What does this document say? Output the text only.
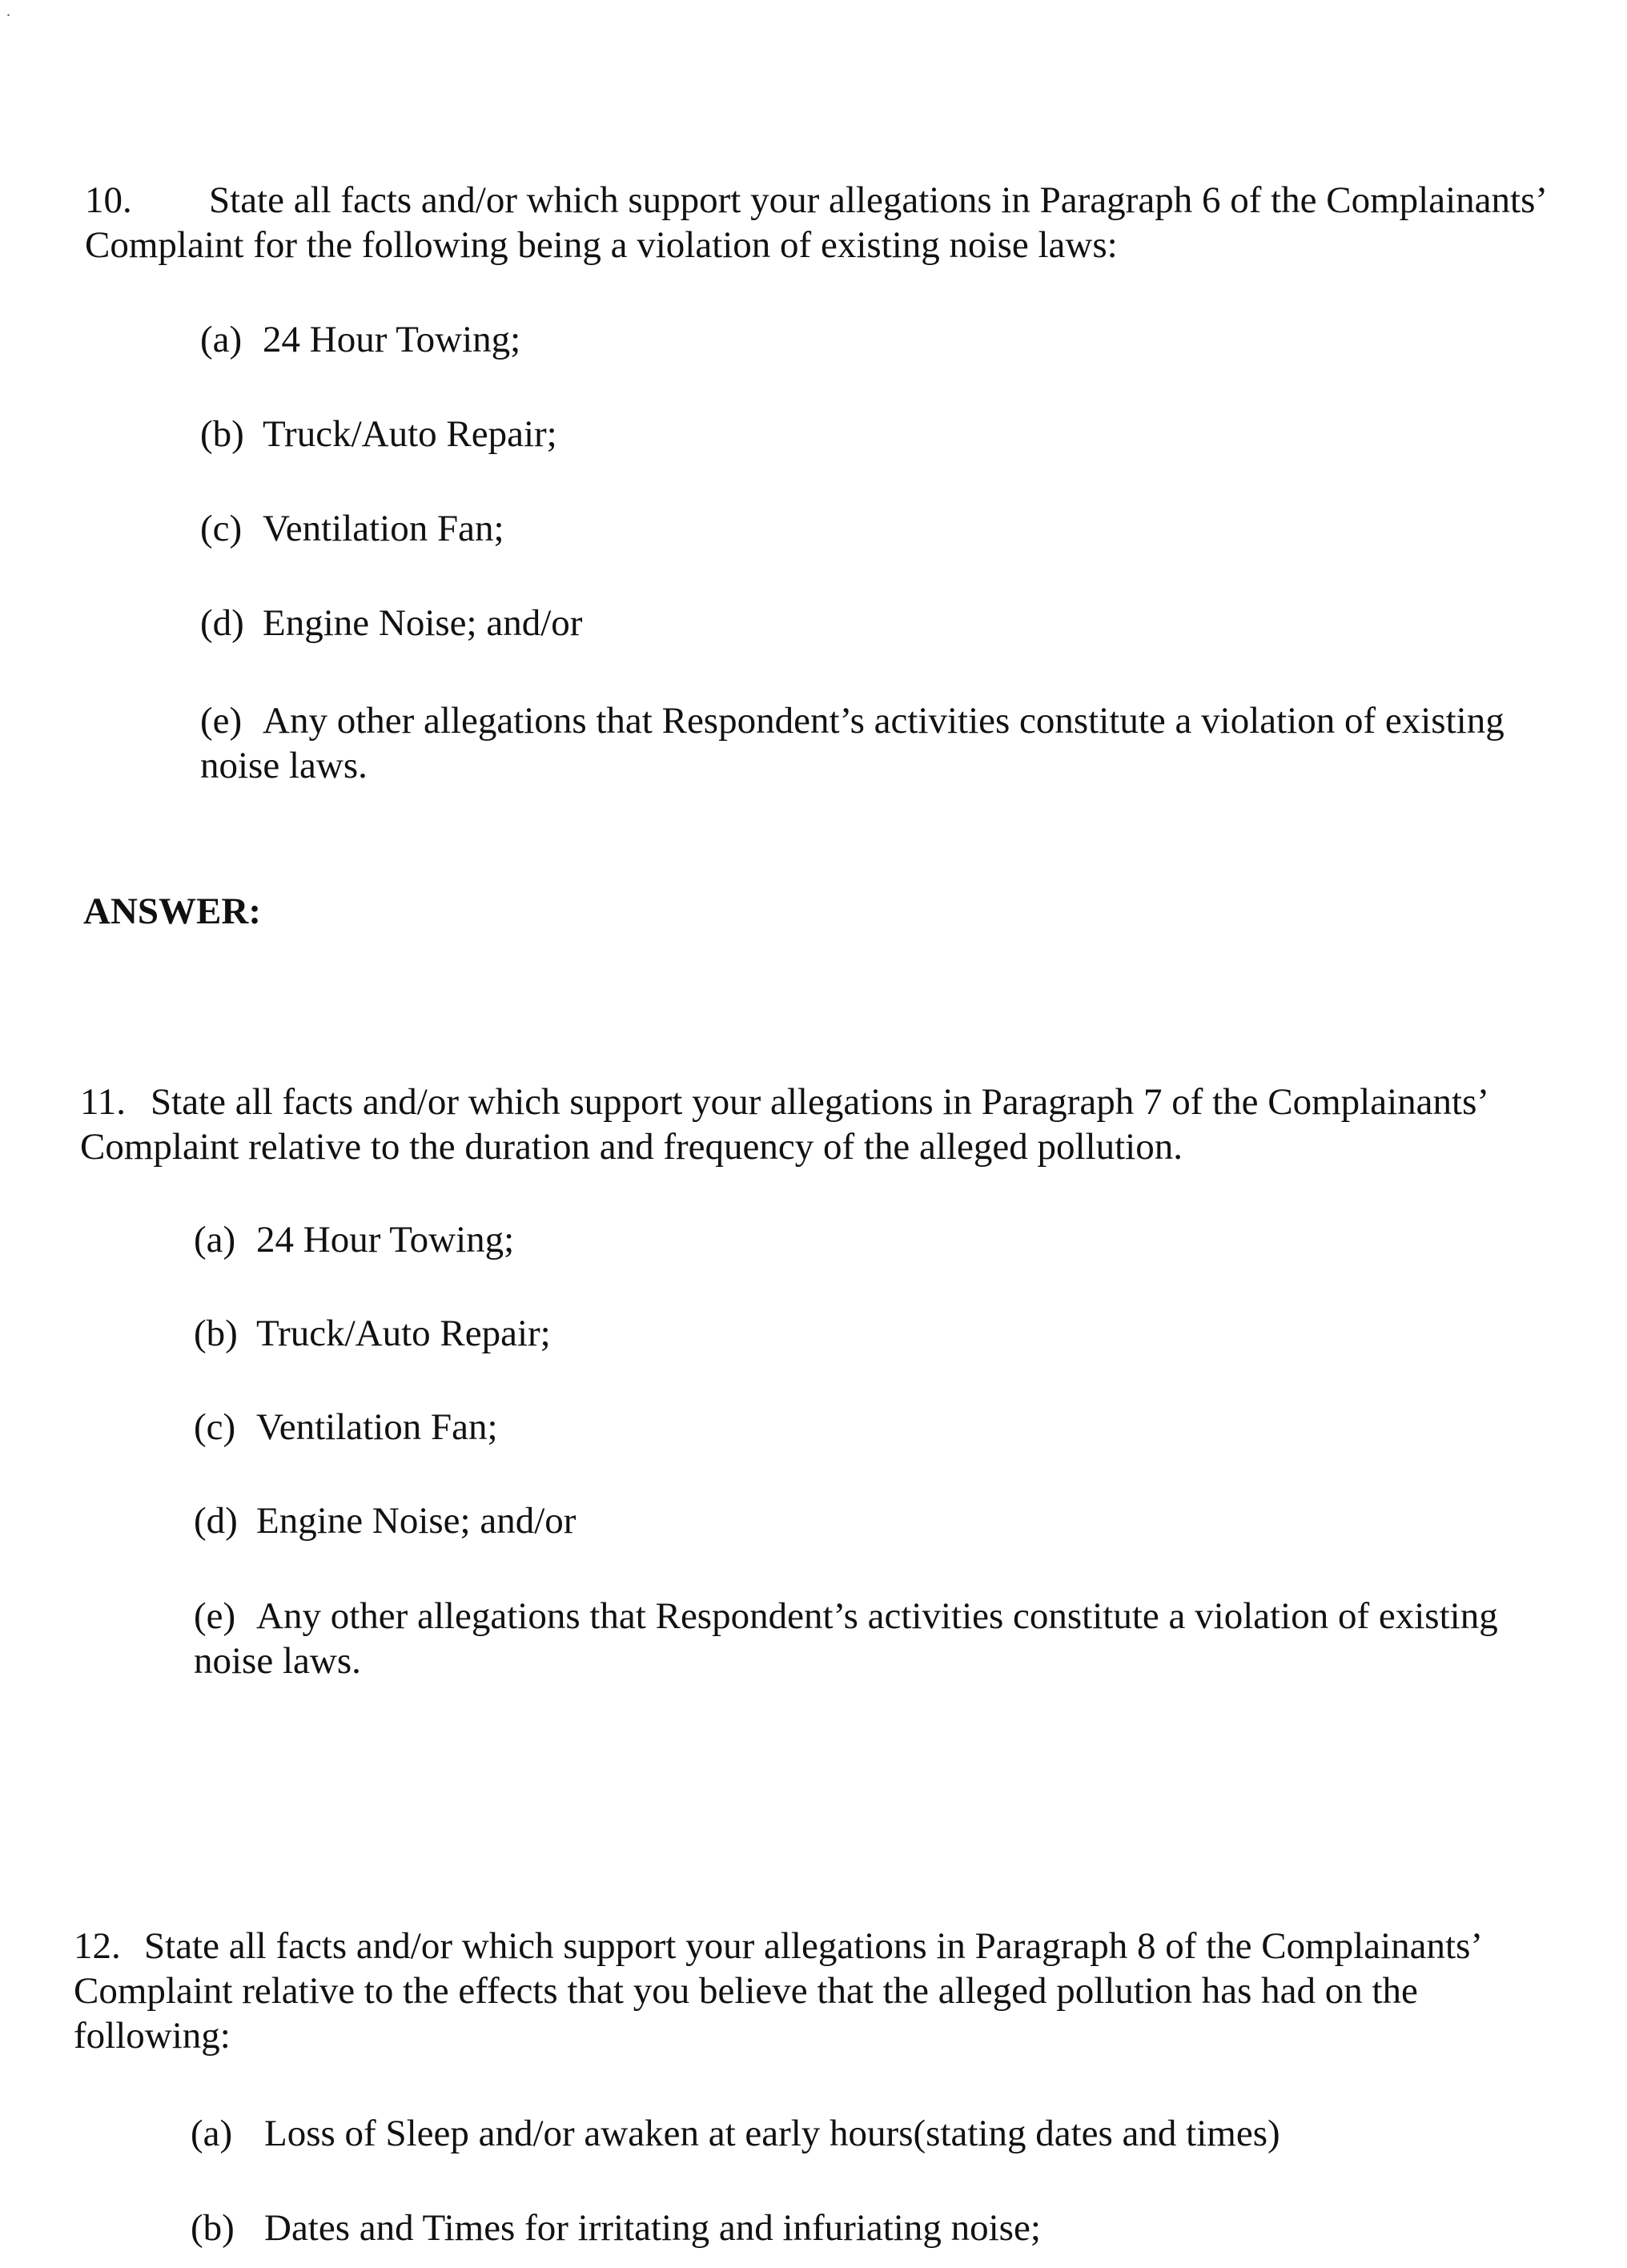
.
10. State all facts and/or which support your allegations in Paragraph 6 of the Complainants’
Complaint for the following being a violation of existing noise laws:
(a) 24 Hour Towing;
(b) Truck/Auto Repair;
(c) Ventilation Fan;
(d) Engine Noise; and/or
(e) Any other allegations that Respondent’s activities constitute a violation of existing
noise laws.
ANSWER:
11. State all facts and/or which support your allegations in Paragraph 7 of the Complainants’
Complaint relative to the duration and frequency of the alleged pollution.
(a) 24 Hour Towing;
(b) Truck/Auto Repair;
(c) Ventilation Fan;
(d) Engine Noise; and/or
(e) Any other allegations that Respondent’s activities constitute a violation of existing
noise laws.
12. State all facts and/or which support your allegations in Paragraph 8 of the Complainants’
Complaint relative to the effects that you believe that the alleged pollution has had on the
following:
(a) Loss of Sleep and/or awaken at early hours(stating dates and times)
(b) Dates and Times for irritating and infuriating noise;
